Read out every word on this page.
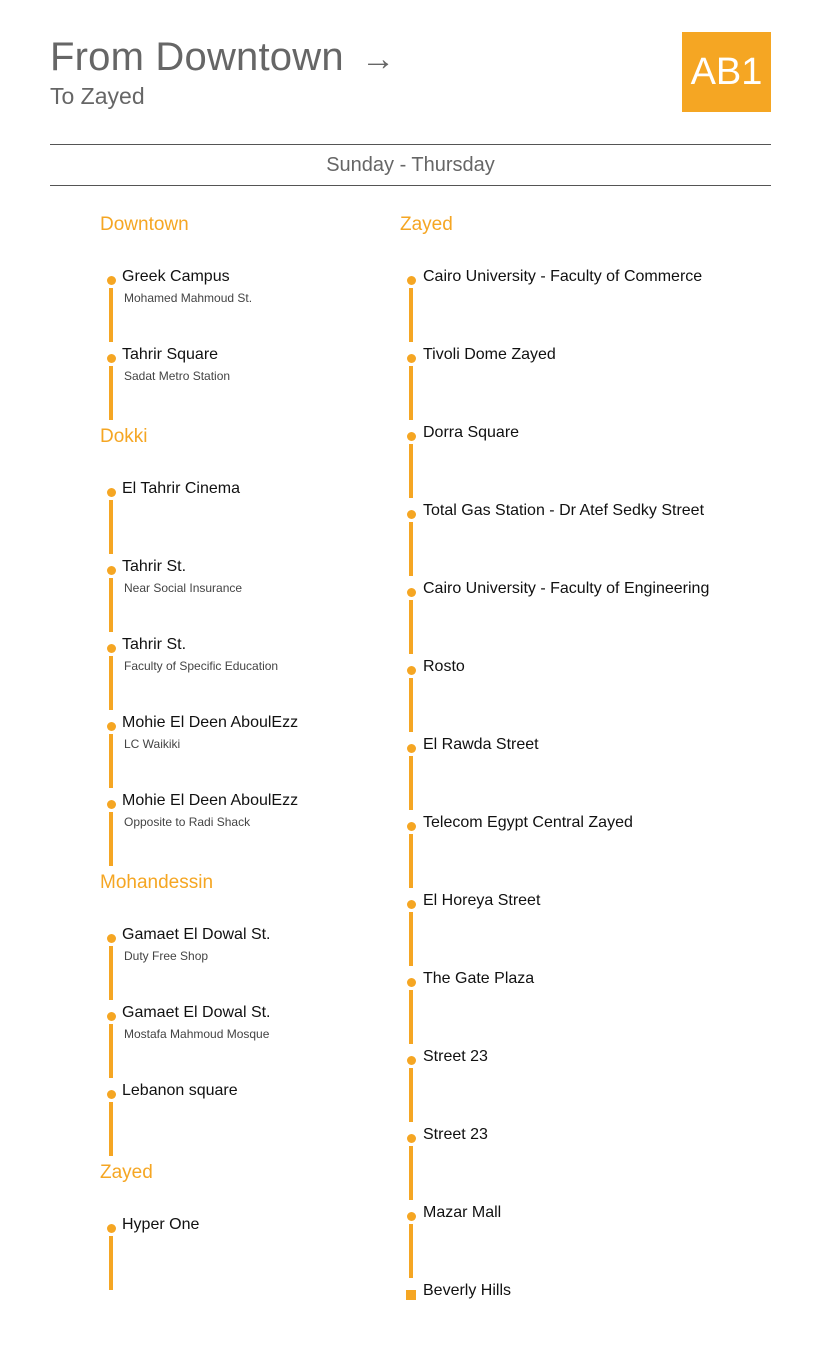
From Downtown →
To Zayed
AB1
Sunday - Thursday
Downtown
Greek Campus
Mohamed Mahmoud St.
Tahrir Square
Sadat Metro Station
Dokki
El Tahrir Cinema
Tahrir St.
Near Social Insurance
Tahrir St.
Faculty of Specific Education
Mohie El Deen AboulEzz
LC Waikiki
Mohie El Deen AboulEzz
Opposite to Radi Shack
Mohandessin
Gamaet El Dowal St.
Duty Free Shop
Gamaet El Dowal St.
Mostafa Mahmoud Mosque
Lebanon square
Zayed
Hyper One
Zayed
Cairo University - Faculty of Commerce
Tivoli Dome Zayed
Dorra Square
Total Gas Station - Dr Atef Sedky Street
Cairo University - Faculty of Engineering
Rosto
El Rawda Street
Telecom Egypt Central Zayed
El Horeya Street
The Gate Plaza
Street 23
Street 23
Mazar Mall
Beverly Hills
